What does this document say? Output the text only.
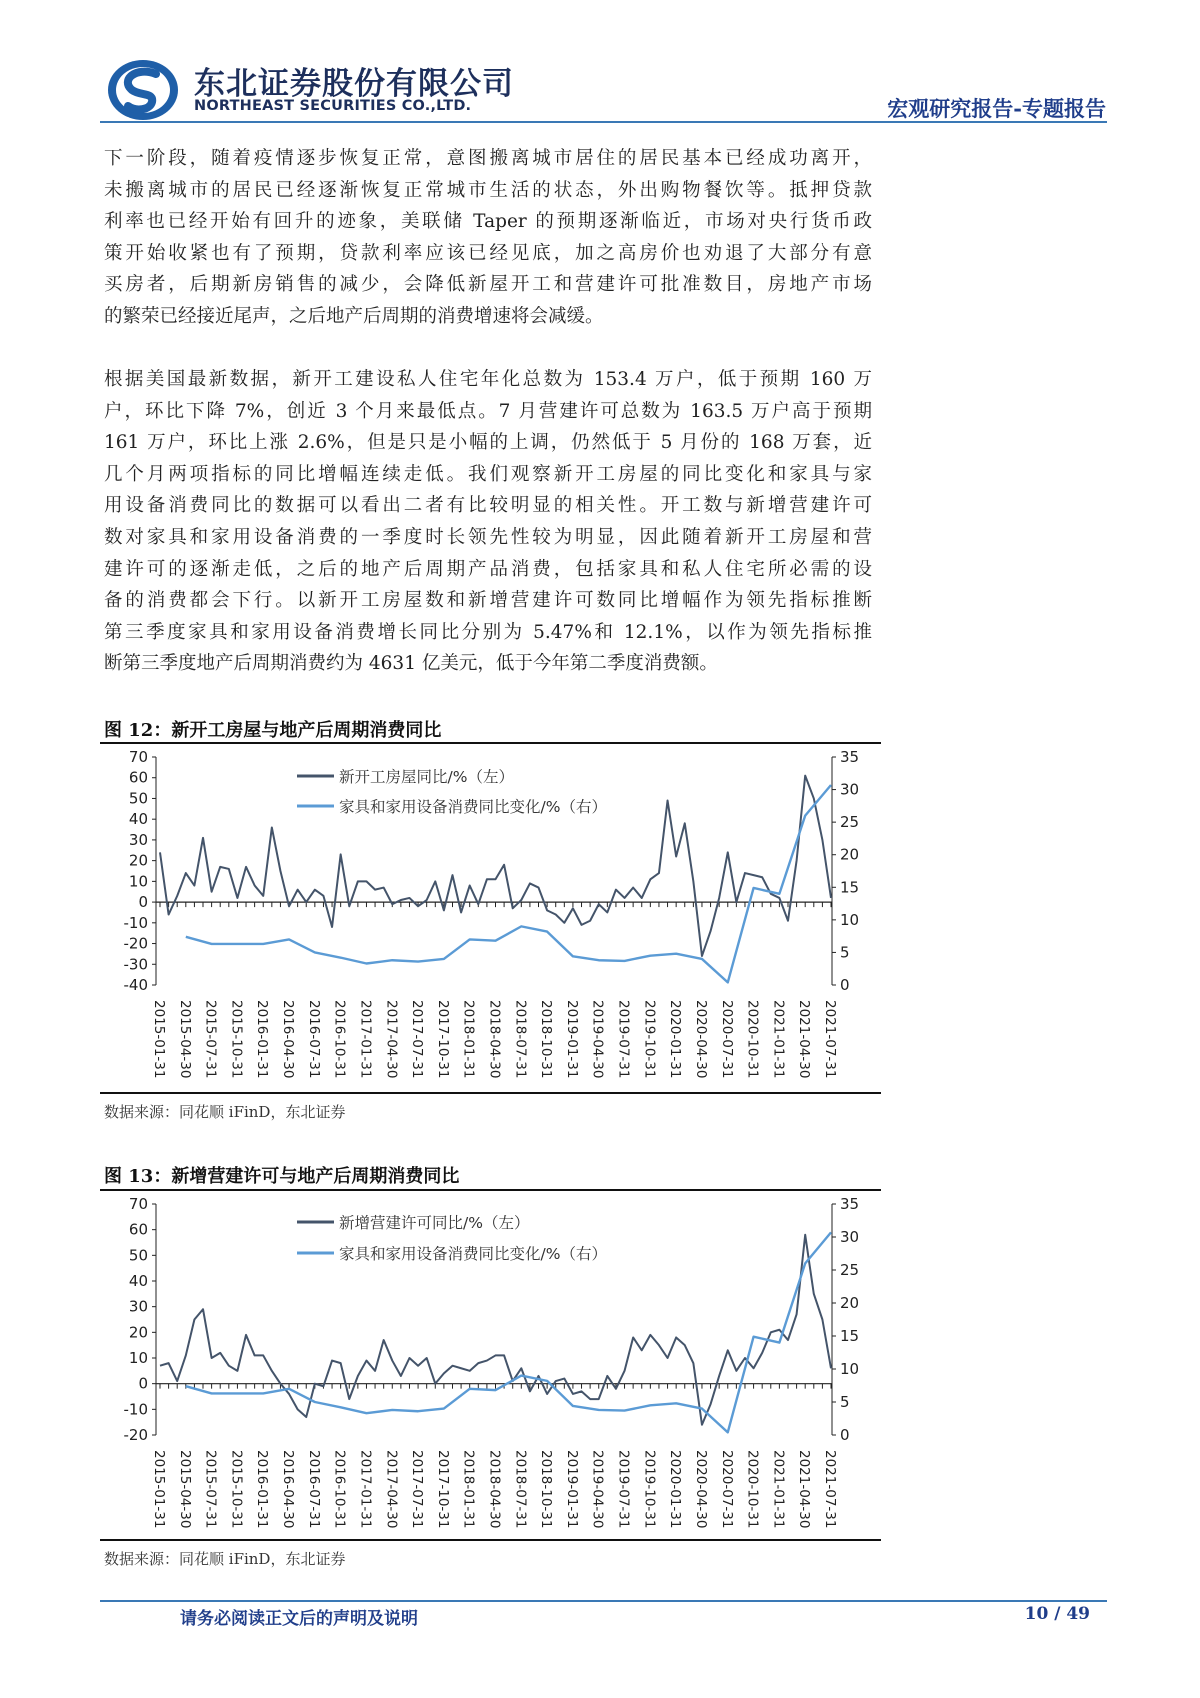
东北证券股份有限公司
NORTHEAST SECURITIES CO.,LTD.	宏观研究报告-专题报告
下一阶段，随着疫情逐步恢复正常，意图搬离城市居住的居民基本已经成功离开，
未搬离城市的居民已经逐渐恢复正常城市生活的状态，外出购物餐饮等。抵押贷款
利率也已经开始有回升的迹象，美联储 Taper 的预期逐渐临近，市场对央行货币政
策开始收紧也有了预期，贷款利率应该已经见底，加之高房价也劝退了大部分有意
买房者，后期新房销售的减少，会降低新屋开工和营建许可批准数目，房地产市场
的繁荣已经接近尾声，之后地产后周期的消费增速将会减缓。
根据美国最新数据，新开工建设私人住宅年化总数为 153.4 万户，低于预期 160 万
户，环比下降 7%，创近 3 个月来最低点。7 月营建许可总数为 163.5 万户高于预期
161 万户，环比上涨 2.6%，但是只是小幅的上调，仍然低于 5 月份的 168 万套，近
几个月两项指标的同比增幅连续走低。我们观察新开工房屋的同比变化和家具与家
用设备消费同比的数据可以看出二者有比较明显的相关性。开工数与新增营建许可
数对家具和家用设备消费的一季度时长领先性较为明显，因此随着新开工房屋和营
建许可的逐渐走低，之后的地产后周期产品消费，包括家具和私人住宅所必需的设
备的消费都会下行。以新开工房屋数和新增营建许可数同比增幅作为领先指标推断
第三季度家具和家用设备消费增长同比分别为 5.47%和 12.1%，以作为领先指标推
断第三季度地产后周期消费约为 4631 亿美元，低于今年第二季度消费额。
图 12：新开工房屋与地产后周期消费同比
数据来源：同花顺 iFinD，东北证券
图 13：新增营建许可与地产后周期消费同比
数据来源：同花顺 iFinD，东北证券
70
60
50
40
30
20
10
0
-10
-20
-30
-40
35
30
25
20
15
10
5
0
2015-01-31 2015-04-30 2015-07-31 2015-10-31 2016-01-31 2016-04-30 2016-07-31 2016-10-31 2017-01-31 2017-04-30 2017-07-31 2017-10-31 2018-01-31 2018-04-30 2018-07-31 2018-10-31 2019-01-31 2019-04-30 2019-07-31 2019-10-31 2020-01-31 2020-04-30 2020-07-31 2020-10-31 2021-01-31 2021-04-30 2021-07-31
新开工房屋同比/%（左）
家具和家用设备消费同比变化/%（右）
70
60
50
40
30
20
10
0
-10
-20
35
30
25
20
15
10
5
0
2015-01-31 2015-04-30 2015-07-31 2015-10-31 2016-01-31 2016-04-30 2016-07-31 2016-10-31 2017-01-31 2017-04-30 2017-07-31 2017-10-31 2018-01-31 2018-04-30 2018-07-31 2018-10-31 2019-01-31 2019-04-30 2019-07-31 2019-10-31 2020-01-31 2020-04-30 2020-07-31 2020-10-31 2021-01-31 2021-04-30 2021-07-31
新增营建许可同比/%（左）
家具和家用设备消费同比变化/%（右）
请务必阅读正文后的声明及说明	10 / 49
